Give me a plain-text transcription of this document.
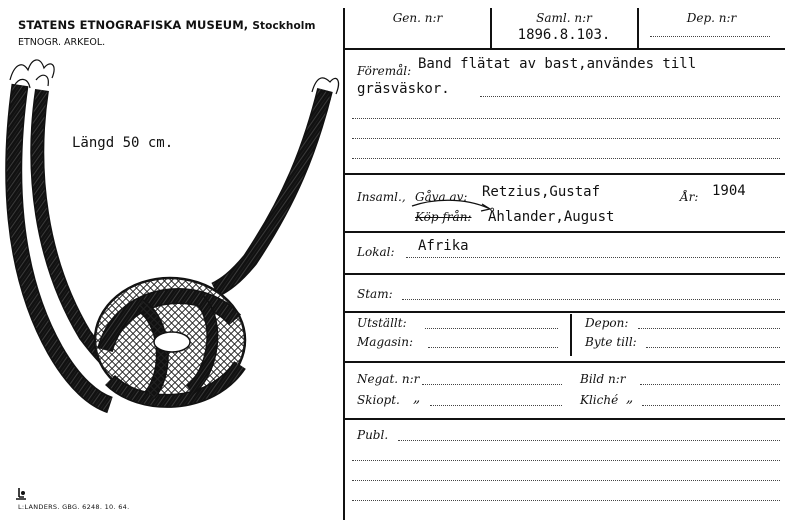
STATENS ETNOGRAFISKA MUSEUM, Stockholm
ETNOGR. ARKEOL.
Längd 50 cm.
L:LANDERS. GBG. 6248. 10. 64.
Gen. n:r	Saml. n:r
1896.8.103.
Dep. n:r
Föremål: Band flätat av bast,användes till
gräsväskor.
Insaml., Gåva av: Retzius,Gustaf	År: 1904
Köp från: Åhlander,August
Lokal: Afrika
Stam:
Utställt:
Magasin:
Depon:
Byte till:
Negat. n:r
Skiopt. „
Bild n:r
Kliché „
Publ.
